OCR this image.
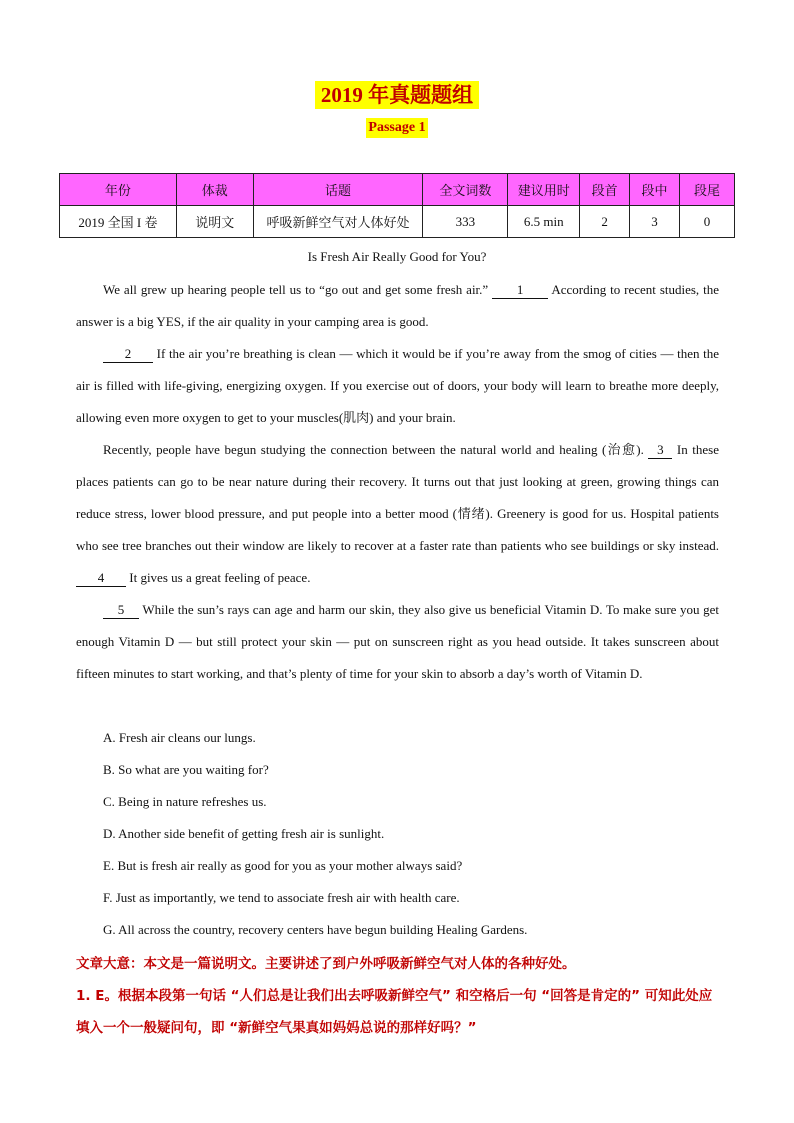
2019 年真题题组
Passage 1
年份	体裁	话题	全文词数	建议用时	段首	段中	段尾
2019 全国 I 卷	说明文	呼吸新鲜空气对人体好处	333	6.5 min	2	3	0
Is Fresh Air Really Good for You?

We all grew up hearing people tell us to “go out and get some fresh air.” 1 According to recent studies, the answer is a big YES, if the air quality in your camping area is good.

2 If the air you’re breathing is clean — which it would be if you’re away from the smog of cities — then the air is filled with life-giving, energizing oxygen. If you exercise out of doors, your body will learn to breathe more deeply, allowing even more oxygen to get to your muscles(肌肉) and your brain.

Recently, people have begun studying the connection between the natural world and healing (治愈). 3 In these places patients can go to be near nature during their recovery. It turns out that just looking at green, growing things can reduce stress, lower blood pressure, and put people into a better mood (情绪). Greenery is good for us. Hospital patients who see tree branches out their window are likely to recover at a faster rate than patients who see buildings or sky instead. 4 It gives us a great feeling of peace.

5 While the sun’s rays can age and harm our skin, they also give us beneficial Vitamin D. To make sure you get enough Vitamin D — but still protect your skin — put on sunscreen right as you head outside. It takes sunscreen about fifteen minutes to start working, and that’s plenty of time for your skin to absorb a day’s worth of Vitamin D.

A. Fresh air cleans our lungs.
B. So what are you waiting for?
C. Being in nature refreshes us.
D. Another side benefit of getting fresh air is sunlight.
E. But is fresh air really as good for you as your mother always said?
F. Just as importantly, we tend to associate fresh air with health care.
G. All across the country, recovery centers have begun building Healing Gardens.

文章大意：本文是一篇说明文。主要讲述了到户外呼吸新鲜空气对人体的各种好处。

1. E。根据本段第一句话 “人们总是让我们出去呼吸新鲜空气” 和空格后一句 “回答是肯定的” 可知此处应填入一个一般疑问句，即 “新鲜空气果真如妈妈总说的那样好吗？”
